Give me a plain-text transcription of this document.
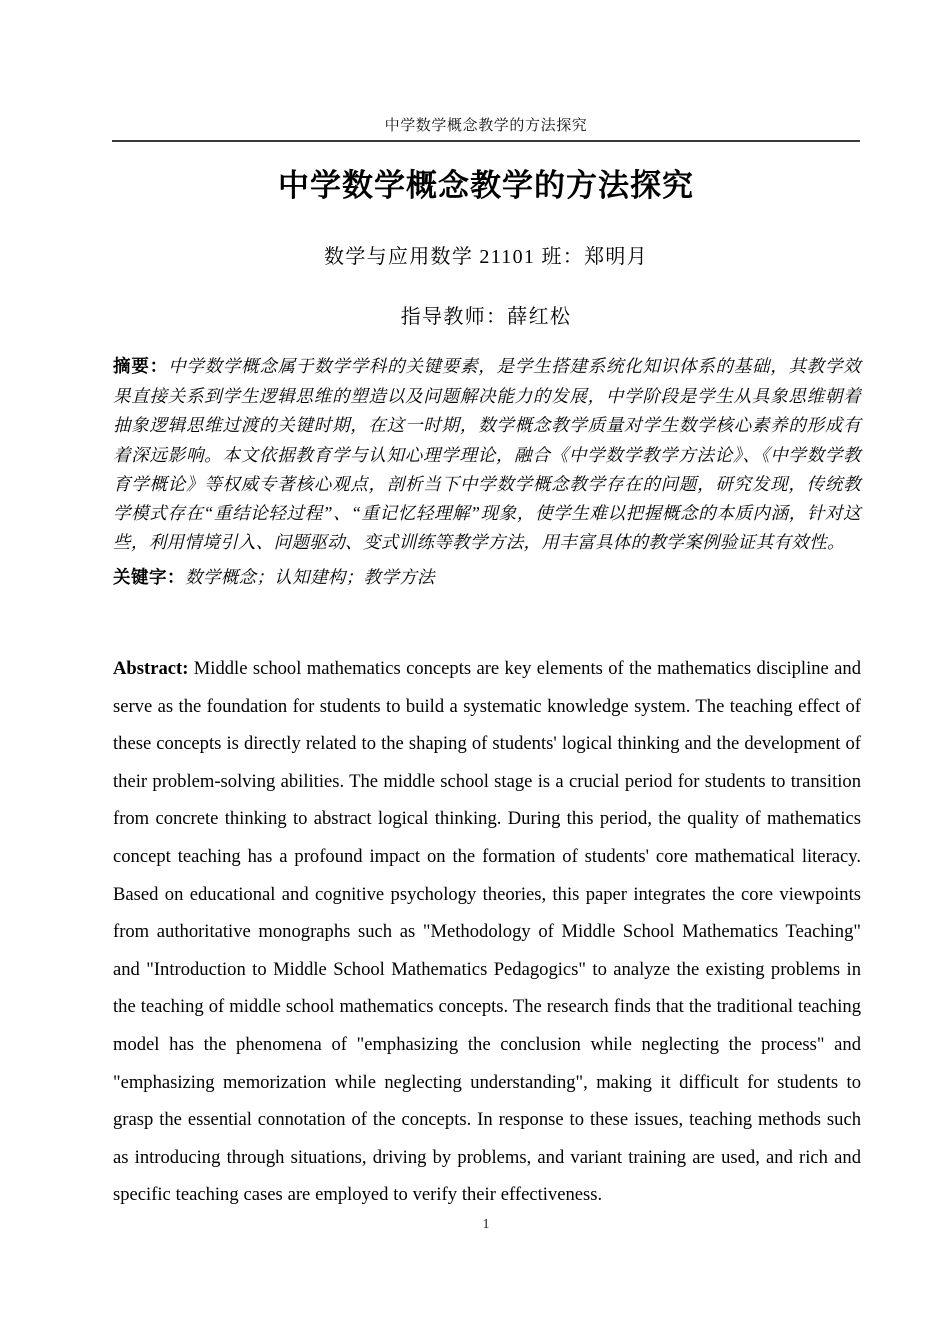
中学数学概念教学的方法探究
中学数学概念教学的方法探究
数学与应用数学 21101 班：郑明月
指导教师：薛红松

摘要：中学数学概念属于数学学科的关键要素，是学生搭建系统化知识体系的基础，其教学效果直接关系到学生逻辑思维的塑造以及问题解决能力的发展，中学阶段是学生从具象思维朝着抽象逻辑思维过渡的关键时期，在这一时期，数学概念教学质量对学生数学核心素养的形成有着深远影响。本文依据教育学与认知心理学理论，融合《中学数学教学方法论》、《中学数学教育学概论》等权威专著核心观点，剖析当下中学数学概念教学存在的问题，研究发现，传统教学模式存在“重结论轻过程”、“重记忆轻理解”现象，使学生难以把握概念的本质内涵，针对这些，利用情境引入、问题驱动、变式训练等教学方法，用丰富具体的教学案例验证其有效性。

关键字：数学概念；认知建构；教学方法

Abstract: Middle school mathematics concepts are key elements of the mathematics discipline and serve as the foundation for students to build a systematic knowledge system. The teaching effect of these concepts is directly related to the shaping of students' logical thinking and the development of their problem-solving abilities. The middle school stage is a crucial period for students to transition from concrete thinking to abstract logical thinking. During this period, the quality of mathematics concept teaching has a profound impact on the formation of students' core mathematical literacy. Based on educational and cognitive psychology theories, this paper integrates the core viewpoints from authoritative monographs such as "Methodology of Middle School Mathematics Teaching" and "Introduction to Middle School Mathematics Pedagogics" to analyze the existing problems in the teaching of middle school mathematics concepts. The research finds that the traditional teaching model has the phenomena of "emphasizing the conclusion while neglecting the process" and "emphasizing memorization while neglecting understanding", making it difficult for students to grasp the essential connotation of the concepts. In response to these issues, teaching methods such as introducing through situations, driving by problems, and variant training are used, and rich and specific teaching cases are employed to verify their effectiveness.

1
